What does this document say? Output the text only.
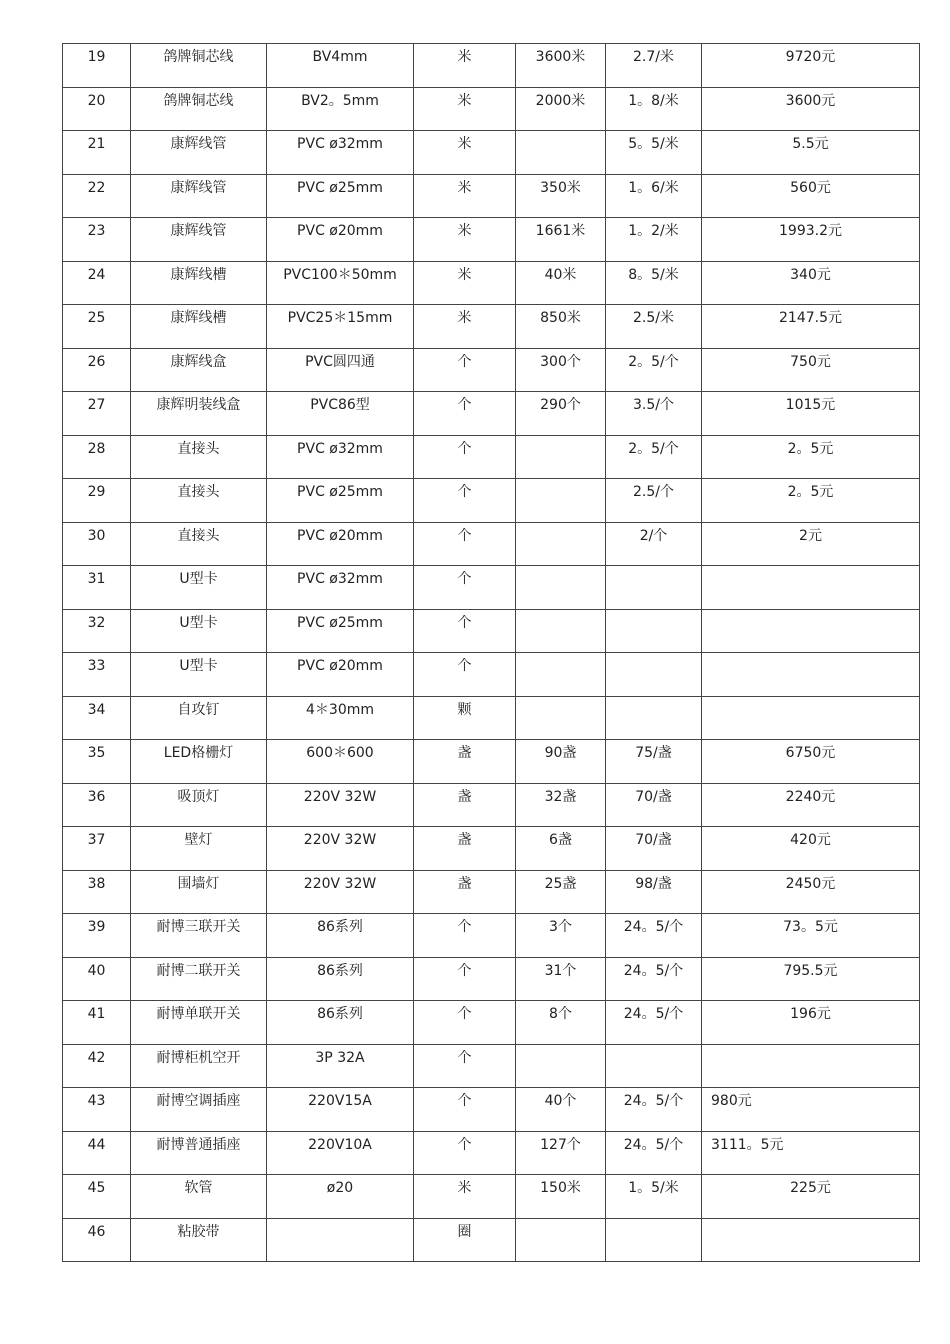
19	鸽牌铜芯线	BV4mm	米	3600米	2.7/米	9720元
20	鸽牌铜芯线	BV2。5mm	米	2000米	1。8/米	3600元
21	康辉线管	PVC ø32mm	米		5。5/米	5.5元
22	康辉线管	PVC ø25mm	米	350米	1。6/米	560元
23	康辉线管	PVC ø20mm	米	1661米	1。2/米	1993.2元
24	康辉线槽	PVC100＊50mm	米	40米	8。5/米	340元
25	康辉线槽	PVC25＊15mm	米	850米	2.5/米	2147.5元
26	康辉线盒	PVC圆四通	个	300个	2。5/个	750元
27	康辉明装线盒	PVC86型	个	290个	3.5/个	1015元
28	直接头	PVC ø32mm	个		2。5/个	2。5元
29	直接头	PVC ø25mm	个		2.5/个	2。5元
30	直接头	PVC ø20mm	个		2/个	2元
31	U型卡	PVC ø32mm	个			
32	U型卡	PVC ø25mm	个			
33	U型卡	PVC ø20mm	个			
34	自攻钉	4＊30mm	颗			
35	LED格栅灯	600＊600	盏	90盏	75/盏	6750元
36	吸顶灯	220V 32W	盏	32盏	70/盏	2240元
37	壁灯	220V 32W	盏	6盏	70/盏	420元
38	围墙灯	220V 32W	盏	25盏	98/盏	2450元
39	耐博三联开关	86系列	个	3个	24。5/个	73。5元
40	耐博二联开关	86系列	个	31个	24。5/个	795.5元
41	耐博单联开关	86系列	个	8个	24。5/个	196元
42	耐博柜机空开	3P 32A	个			
43	耐博空调插座	220V15A	个	40个	24。5/个	980元
44	耐博普通插座	220V10A	个	127个	24。5/个	3111。5元
45	软管	ø20	米	150米	1。5/米	225元
46	粘胶带		圈			
